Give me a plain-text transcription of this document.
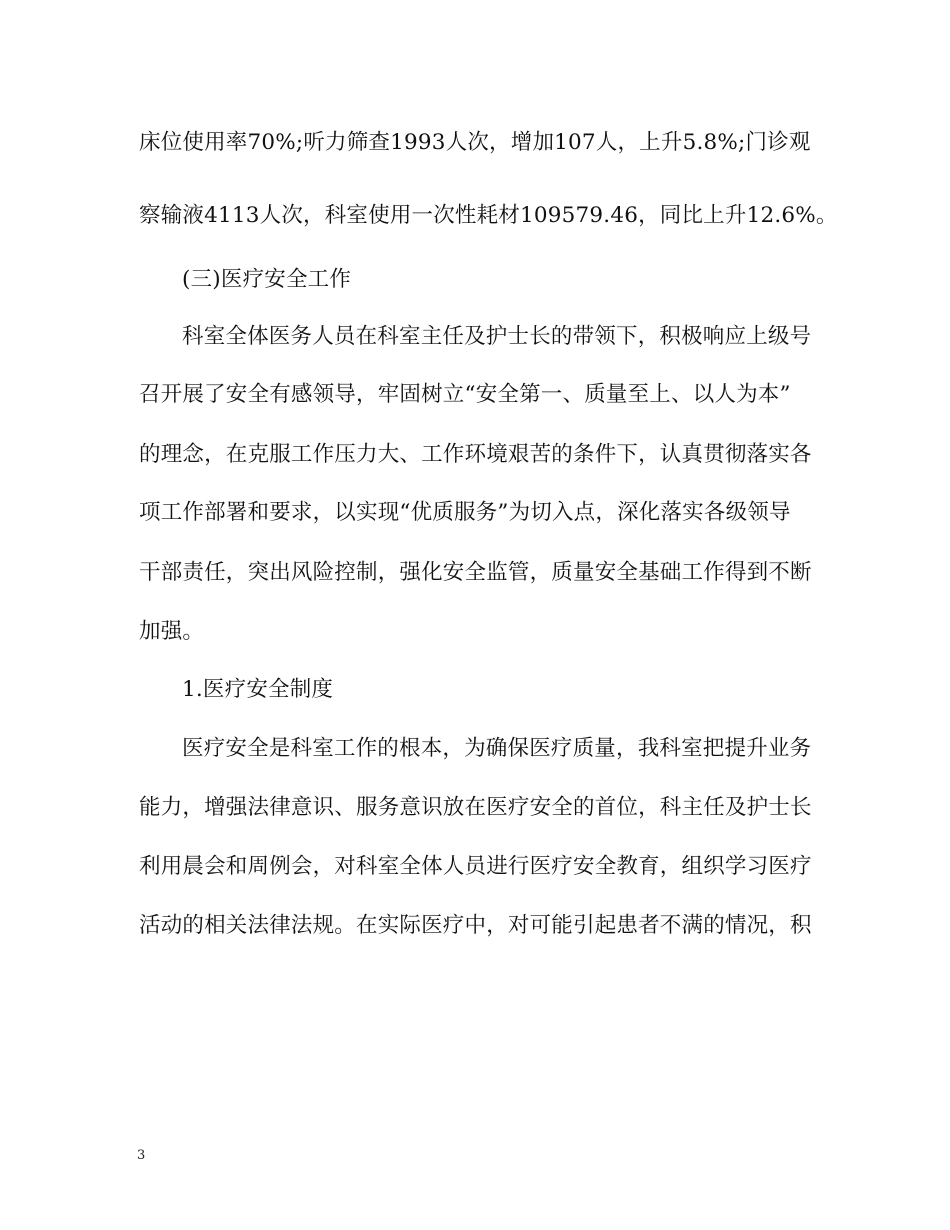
床位使用率70%;听力筛查1993人次，增加107人，上升5.8%;门诊观
察输液4113人次，科室使用一次性耗材109579.46，同比上升12.6%。
(三)医疗安全工作
科室全体医务人员在科室主任及护士长的带领下，积极响应上级号
召开展了安全有感领导，牢固树立“安全第一、质量至上、以人为本”
的理念，在克服工作压力大、工作环境艰苦的条件下，认真贯彻落实各
项工作部署和要求，以实现“优质服务”为切入点，深化落实各级领导
干部责任，突出风险控制，强化安全监管，质量安全基础工作得到不断
加强。
1.医疗安全制度
医疗安全是科室工作的根本，为确保医疗质量，我科室把提升业务
能力，增强法律意识、服务意识放在医疗安全的首位，科主任及护士长
利用晨会和周例会，对科室全体人员进行医疗安全教育，组织学习医疗
活动的相关法律法规。在实际医疗中，对可能引起患者不满的情况，积
3
